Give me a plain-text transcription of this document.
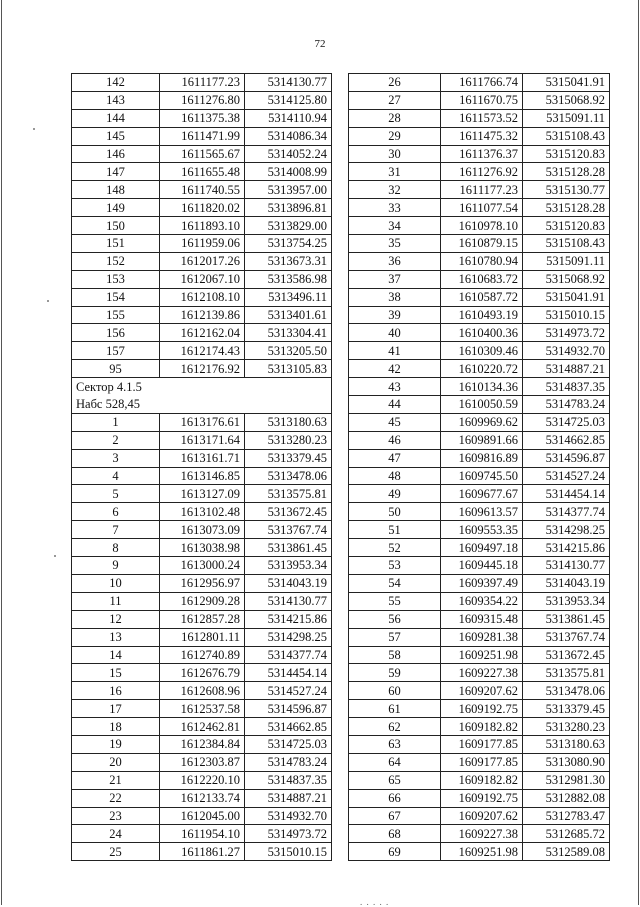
. . . . .
72
142	1611177.23	5314130.77
143	1611276.80	5314125.80
144	1611375.38	5314110.94
145	1611471.99	5314086.34
146	1611565.67	5314052.24
147	1611655.48	5314008.99
148	1611740.55	5313957.00
149	1611820.02	5313896.81
150	1611893.10	5313829.00
151	1611959.06	5313754.25
152	1612017.26	5313673.31
153	1612067.10	5313586.98
154	1612108.10	5313496.11
155	1612139.86	5313401.61
156	1612162.04	5313304.41
157	1612174.43	5313205.50
95	1612176.92	5313105.83
Сектор 4.1.5		
Набс 528,45		
1	1613176.61	5313180.63
2	1613171.64	5313280.23
3	1613161.71	5313379.45
4	1613146.85	5313478.06
5	1613127.09	5313575.81
6	1613102.48	5313672.45
7	1613073.09	5313767.74
8	1613038.98	5313861.45
9	1613000.24	5313953.34
10	1612956.97	5314043.19
11	1612909.28	5314130.77
12	1612857.28	5314215.86
13	1612801.11	5314298.25
14	1612740.89	5314377.74
15	1612676.79	5314454.14
16	1612608.96	5314527.24
17	1612537.58	5314596.87
18	1612462.81	5314662.85
19	1612384.84	5314725.03
20	1612303.87	5314783.24
21	1612220.10	5314837.35
22	1612133.74	5314887.21
23	1612045.00	5314932.70
24	1611954.10	5314973.72
25	1611861.27	5315010.15
26	1611766.74	5315041.91
27	1611670.75	5315068.92
28	1611573.52	5315091.11
29	1611475.32	5315108.43
30	1611376.37	5315120.83
31	1611276.92	5315128.28
32	1611177.23	5315130.77
33	1611077.54	5315128.28
34	1610978.10	5315120.83
35	1610879.15	5315108.43
36	1610780.94	5315091.11
37	1610683.72	5315068.92
38	1610587.72	5315041.91
39	1610493.19	5315010.15
40	1610400.36	5314973.72
41	1610309.46	5314932.70
42	1610220.72	5314887.21
43	1610134.36	5314837.35
44	1610050.59	5314783.24
45	1609969.62	5314725.03
46	1609891.66	5314662.85
47	1609816.89	5314596.87
48	1609745.50	5314527.24
49	1609677.67	5314454.14
50	1609613.57	5314377.74
51	1609553.35	5314298.25
52	1609497.18	5314215.86
53	1609445.18	5314130.77
54	1609397.49	5314043.19
55	1609354.22	5313953.34
56	1609315.48	5313861.45
57	1609281.38	5313767.74
58	1609251.98	5313672.45
59	1609227.38	5313575.81
60	1609207.62	5313478.06
61	1609192.75	5313379.45
62	1609182.82	5313280.23
63	1609177.85	5313180.63
64	1609177.85	5313080.90
65	1609182.82	5312981.30
66	1609192.75	5312882.08
67	1609207.62	5312783.47
68	1609227.38	5312685.72
69	1609251.98	5312589.08
